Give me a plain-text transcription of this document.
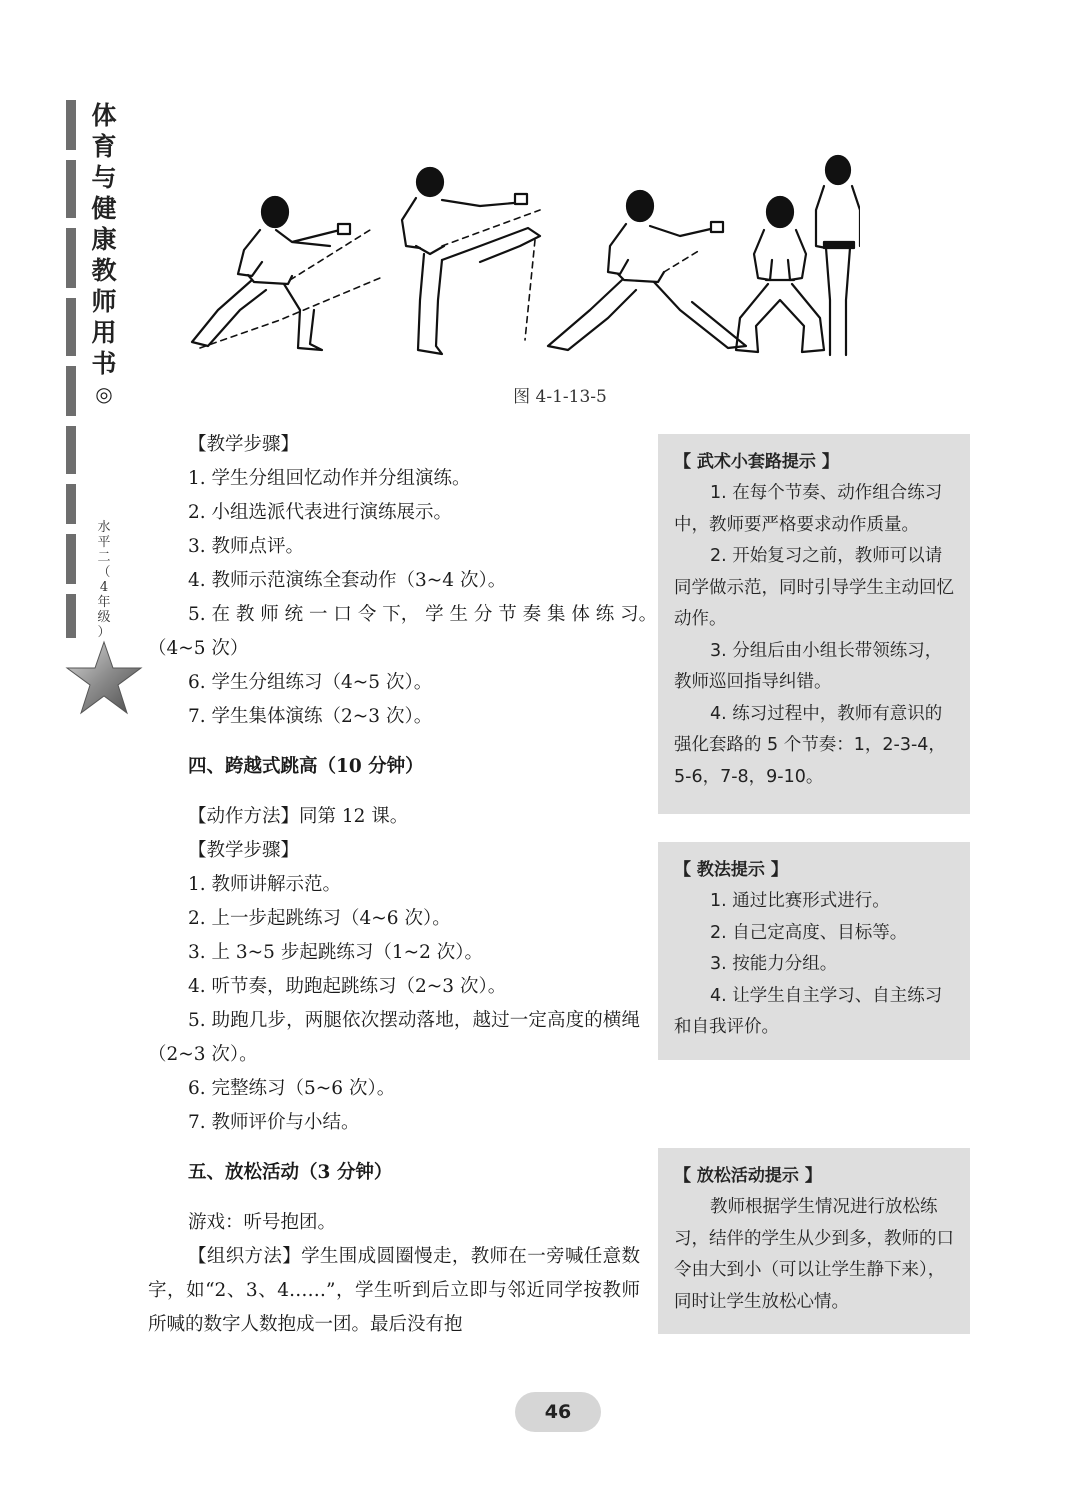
体
育
与
健
康
教
师
用
书
◎
水
平
二
（
4
年
级
）
图 4-1-13-5
【教学步骤】
1. 学生分组回忆动作并分组演练。
2. 小组选派代表进行演练展示。
3. 教师点评。
4. 教师示范演练全套动作（3~4 次）。
5. 在 教 师 统 一 口 令 下， 学 生 分 节 奏 集 体 练 习。
（4~5 次）
6. 学生分组练习（4~5 次）。
7. 学生集体演练（2~3 次）。
四、跨越式跳高（10 分钟）
【动作方法】同第 12 课。
【教学步骤】
1. 教师讲解示范。
2. 上一步起跳练习（4~6 次）。
3. 上 3~5 步起跳练习（1~2 次）。
4. 听节奏，助跑起跳练习（2~3 次）。
5. 助跑几步，两腿依次摆动落地，越过一定高度的横绳（2~3 次）。
6. 完整练习（5~6 次）。
7. 教师评价与小结。
五、放松活动（3 分钟）
游戏：听号抱团。
【组织方法】学生围成圆圈慢走，教师在一旁喊任意数字，如“2、3、4……”，学生听到后立即与邻近同学按教师所喊的数字人数抱成一团。最后没有抱
【 武术小套路提示 】
1. 在每个节奏、动作组合练习中，教师要严格要求动作质量。
2. 开始复习之前，教师可以请同学做示范，同时引导学生主动回忆动作。
3. 分组后由小组长带领练习，教师巡回指导纠错。
4. 练习过程中，教师有意识的强化套路的 5 个节奏：1，2-3-4，5-6，7-8，9-10。
【 教法提示 】
1. 通过比赛形式进行。
2. 自己定高度、目标等。
3. 按能力分组。
4. 让学生自主学习、自主练习和自我评价。
【 放松活动提示 】
教师根据学生情况进行放松练习，结伴的学生从少到多，教师的口令由大到小（可以让学生静下来），同时让学生放松心情。
46
